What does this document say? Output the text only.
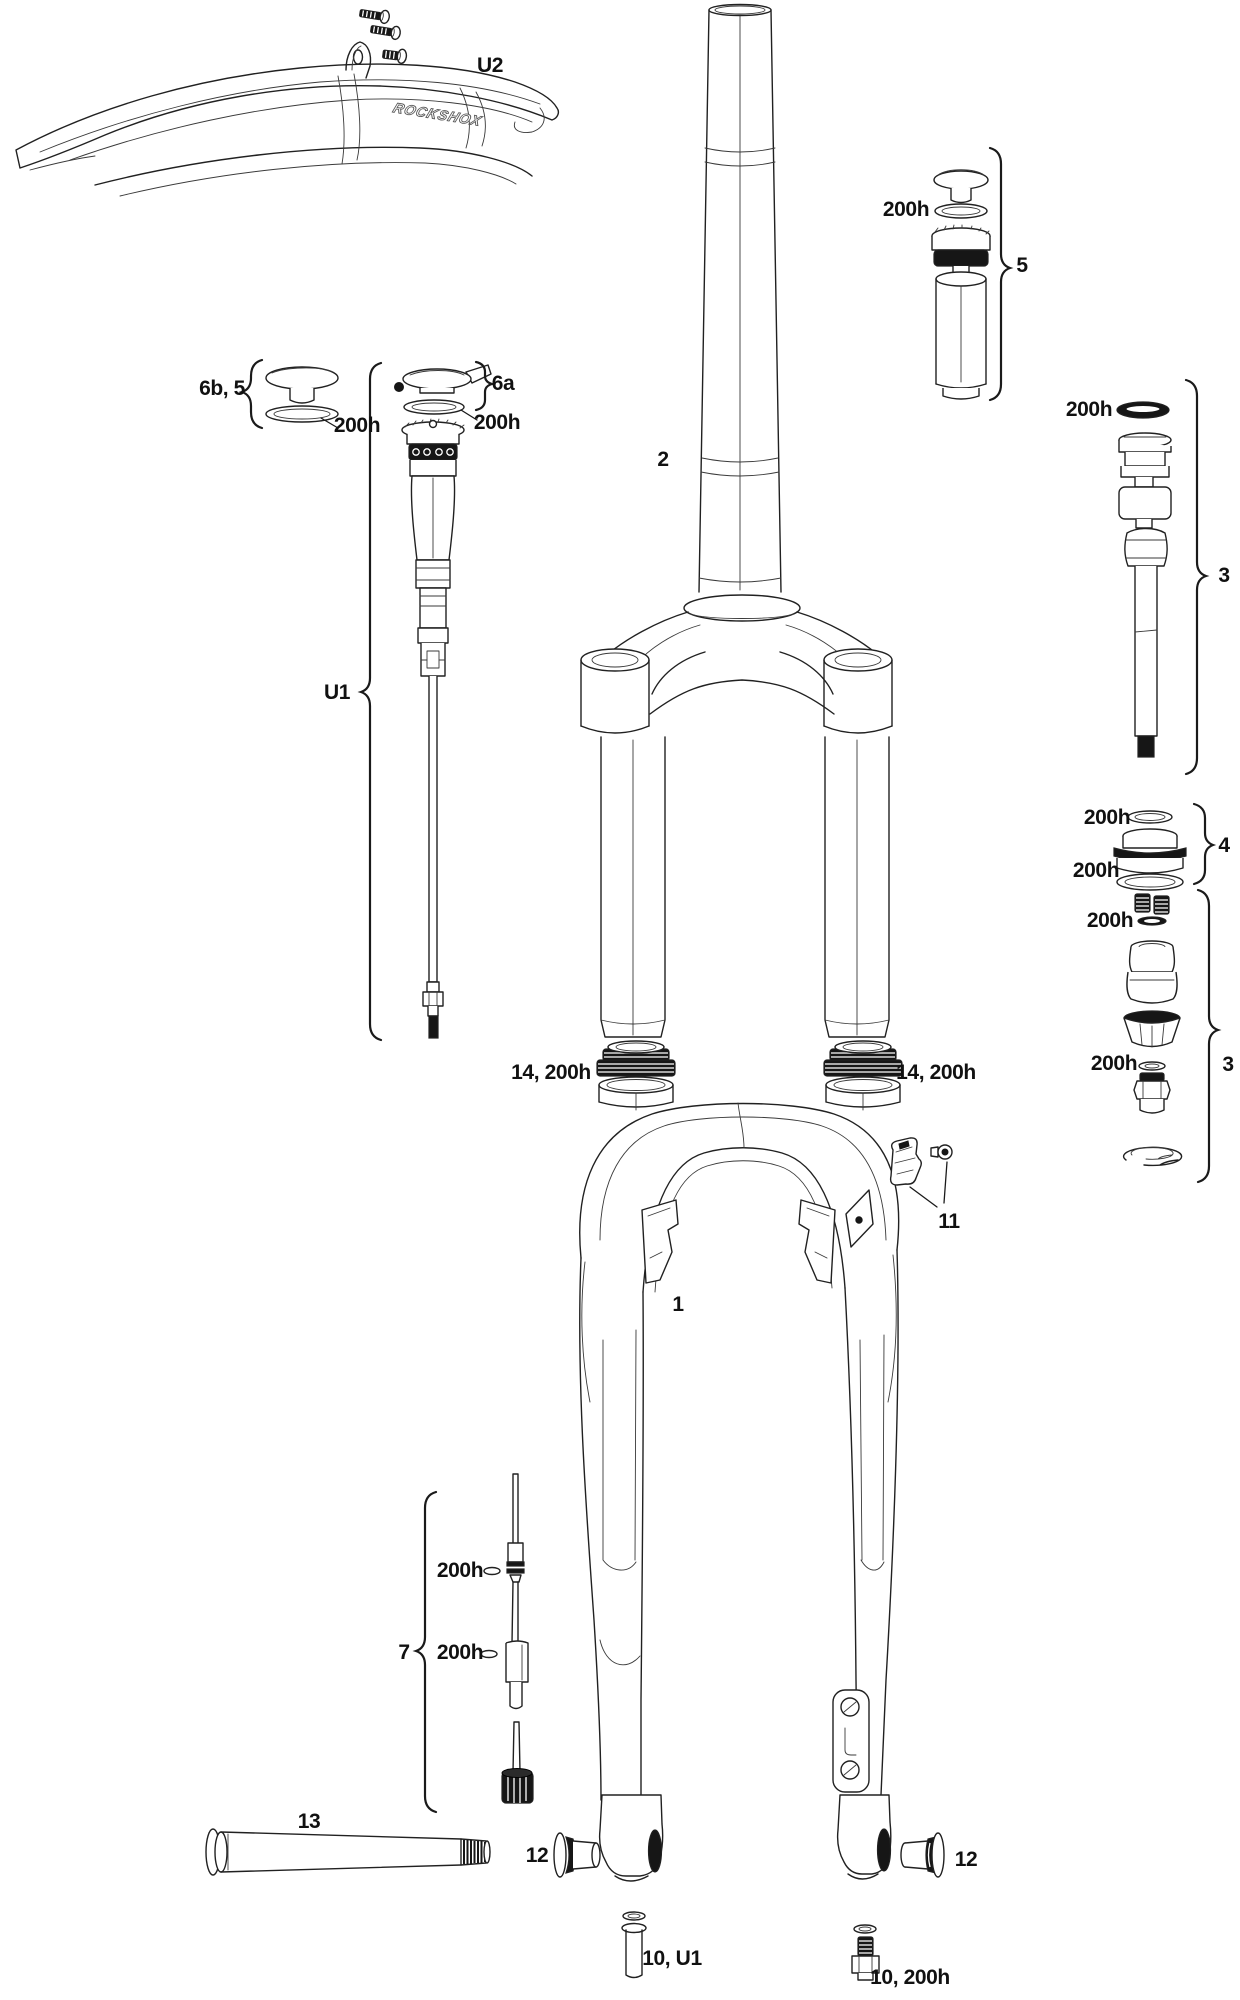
ROCKSHOX
U2
200h
5
6b, 5
200h
6a
200h
200h
2
3
U1
200h
4
200h
200h
200h	3
14, 200h	14, 200h
11
1
200h
7 200h
13
12	12
10, U1
10, 200h
